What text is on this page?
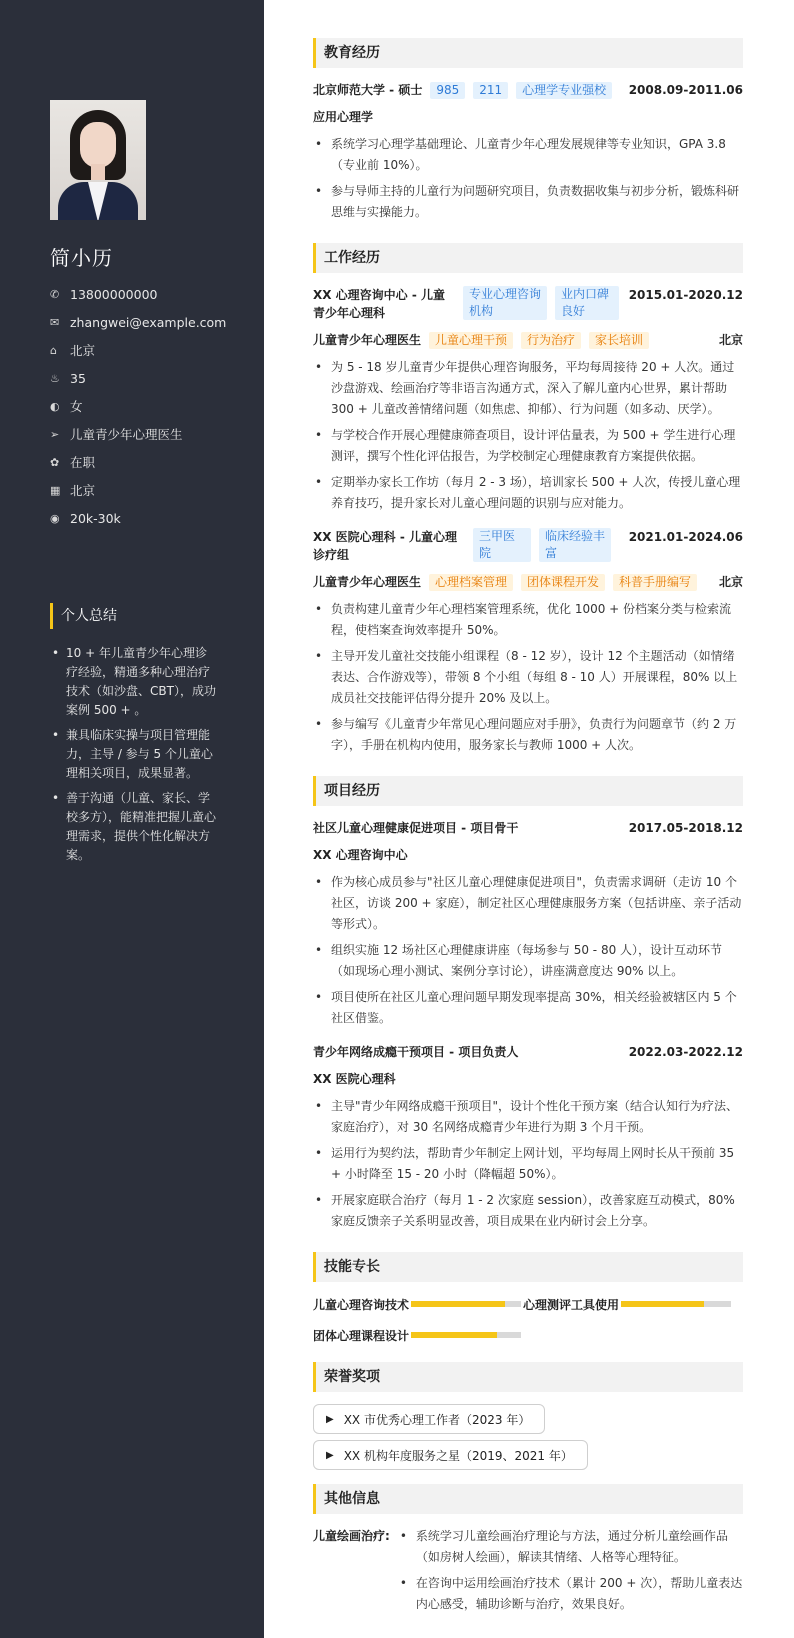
简小历
✆ 13800000000
✉ zhangwei@example.com
⌂	北京
♨ 35
◐ 女
➢ 儿童青少年心理医生
✿ 在职
▦ 北京
◉ 20k-30k
个人总结
• 10 + 年儿童青少年心理诊疗经验，精通多种心理治疗技术（如沙盘、CBT），成功案例 500 + 。
• 兼具临床实操与项目管理能力，主导 / 参与 5 个儿童心理相关项目，成果显著。
• 善于沟通（儿童、家长、学校多方），能精准把握儿童心理需求，提供个性化解决方案。
教育经历
北京师范大学 - 硕士	985	211	心理学专业强校	2008.09-2011.06
应用心理学
• 系统学习心理学基础理论、儿童青少年心理发展规律等专业知识，GPA 3.8（专业前 10%）。
• 参与导师主持的儿童行为问题研究项目，负责数据收集与初步分析，锻炼科研思维与实操能力。
工作经历
XX 心理咨询中心 - 儿童青少年心理科
专业心理咨询机构
业内口碑良好
2015.01-2020.12
儿童青少年心理医生	儿童心理干预	行为治疗	家长培训	北京
• 为 5 - 18 岁儿童青少年提供心理咨询服务，平均每周接待 20 + 人次。通过沙盘游戏、绘画治疗等非语言沟通方式，深入了解儿童内心世界，累计帮助 300 + 儿童改善情绪问题（如焦虑、抑郁）、行为问题（如多动、厌学）。
• 与学校合作开展心理健康筛查项目，设计评估量表，为 500 + 学生进行心理测评，撰写个性化评估报告，为学校制定心理健康教育方案提供依据。
• 定期举办家长工作坊（每月 2 - 3 场），培训家长 500 + 人次，传授儿童心理养育技巧，提升家长对儿童心理问题的识别与应对能力。
XX 医院心理科 - 儿童心理诊疗组
三甲医院
临床经验丰富
2021.01-2024.06
儿童青少年心理医生	心理档案管理	团体课程开发	科普手册编写	北京
• 负责构建儿童青少年心理档案管理系统，优化 1000 + 份档案分类与检索流程，使档案查询效率提升 50%。
• 主导开发儿童社交技能小组课程（8 - 12 岁），设计 12 个主题活动（如情绪表达、合作游戏等），带领 8 个小组（每组 8 - 10 人）开展课程，80% 以上成员社交技能评估得分提升 20% 及以上。
• 参与编写《儿童青少年常见心理问题应对手册》，负责行为问题章节（约 2 万字），手册在机构内使用，服务家长与教师 1000 + 人次。
项目经历
社区儿童心理健康促进项目 - 项目骨干	2017.05-2018.12
XX 心理咨询中心
• 作为核心成员参与"社区儿童心理健康促进项目"，负责需求调研（走访 10 个社区，访谈 200 + 家庭），制定社区心理健康服务方案（包括讲座、亲子活动等形式）。
• 组织实施 12 场社区心理健康讲座（每场参与 50 - 80 人），设计互动环节（如现场心理小测试、案例分享讨论），讲座满意度达 90% 以上。
• 项目使所在社区儿童心理问题早期发现率提高 30%，相关经验被辖区内 5 个社区借鉴。
青少年网络成瘾干预项目 - 项目负责人	2022.03-2022.12
XX 医院心理科
• 主导"青少年网络成瘾干预项目"，设计个性化干预方案（结合认知行为疗法、家庭治疗），对 30 名网络成瘾青少年进行为期 3 个月干预。
• 运用行为契约法，帮助青少年制定上网计划，平均每周上网时长从干预前 35 + 小时降至 15 - 20 小时（降幅超 50%）。
• 开展家庭联合治疗（每月 1 - 2 次家庭 session），改善家庭互动模式，80% 家庭反馈亲子关系明显改善，项目成果在业内研讨会上分享。
技能专长
儿童心理咨询技术	心理测评工具使用
团体心理课程设计
荣誉奖项
▶ XX 市优秀心理工作者（2023 年）
▶ XX 机构年度服务之星（2019、2021 年）
其他信息
儿童绘画治疗:
•	系统学习儿童绘画治疗理论与方法，通过分析儿童绘画作品（如房树人绘画），解读其情绪、人格等心理特征。
• 在咨询中运用绘画治疗技术（累计 200 + 次），帮助儿童表达内心感受，辅助诊断与治疗，效果良好。
